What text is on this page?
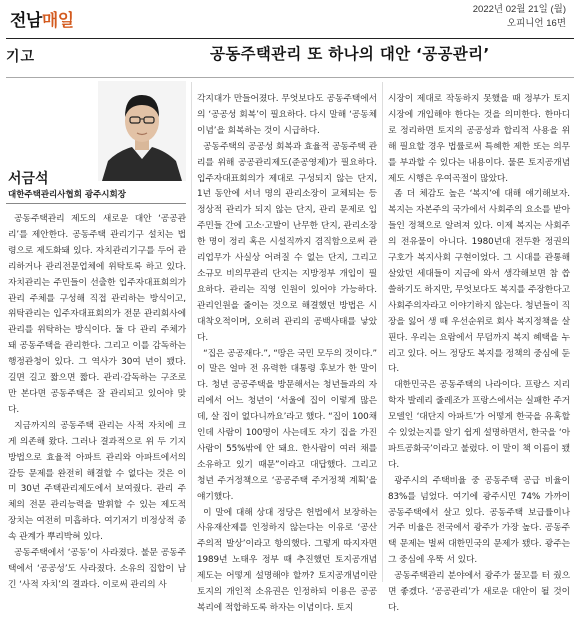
전남매일
2022년 02월 21일 (월)
오피니언 16면
기고	공동주택관리 또 하나의 대안 ‘공공관리’
서금석
대한주택관리사협회 광주시회장

공동주택관리 제도의 새로운 대안 ‘공공관리’를 제안한다. 공동주택 관리기구 설치는 법령으로 제도화돼 있다. 자치관리기구를 두어 관리하거나 관리전문업체에 위탁토록 하고 있다. 자치관리는 주민들이 선출한 입주자대표회의가 관리 주체를 구성해 직접 관리하는 방식이고, 위탁관리는 입주자대표회의가 전문 관리회사에 관리를 위탁하는 방식이다. 둘 다 관리 주체가 돼 공동주택을 관리한다. 그리고 이를 감독하는 행정관청이 있다. 그 역사가 30여 년이 됐다. 길면 길고 짧으면 짧다. 관리·감독하는 구조로만 본다면 공동주택은 잘 관리되고 있어야 맞다.

지금까지의 공동주택 관리는 사적 자치에 크게 의존해 왔다. 그러나 결과적으로 위 두 기지 방법으로 효율적 아파트 관리와 아파트에서의 갈등 문제를 완전히 해결할 수 없다는 것은 이미 30년 주택관리제도에서 보여줬다. 관리 주체의 전문 관리능력을 발휘할 수 있는 제도적 장치는 여전히 미흡하다. 여기저기 비정상적 종속 관계가 뿌리박혀 있다.

공동주택에서 ‘공동’이 사라졌다. 불문 공동주택에서 ‘공공성’도 사라졌다. 소유의 집합이 남긴 ‘사적 자치’의 결과다. 이로써 관리의 사

각지대가 만들어졌다. 무엇보다도 공동주택에서의 ‘공공성 회복’이 필요하다. 다시 말해 ‘공동체 이념’을 회복하는 것이 시급하다.

공동주택의 공공성 회복과 효율적 공동주택 관리를 위해 공공관리제도(준공영제)가 필요하다. 입주자대표회의가 제대로 구성되지 않는 단지, 1년 동안에 서너 명의 관리소장이 교체되는 등 정상적 관리가 되지 않는 단지, 관리 문제로 입주민들 간에 고소·고발이 난무한 단지, 관리소장 한 명이 정리 혹은 시설직까지 겸직함으로써 관리업무가 사실상 어려질 수 없는 단지, 그리고 소규모 비의무관리 단지는 지방정부 개입이 필요하다. 관리는 직영 인원이 있어야 가능하다. 관리인원을 줄이는 것으로 해결했던 방법은 시대착오적이며, 오히려 관리의 공백사태를 낳았다.

“집은 공공재다.”, “땅은 국민 모두의 것이다.” 이 말은 얼마 전 유력한 대통령 후보가 한 말이다. 청년 공공주택을 방문해서는 청년들과의 자리에서 어느 청년이 ‘서울에 집이 이렇게 많은데, 살 집이 없다니까요’라고 했다. “집이 100채인데 사람이 100명이 사는데도 자기 집을 가진 사람이 55%밖에 안 돼요. 한사람이 여러 채를 소유하고 있기 때문”이라고 대답했다. 그리고 청년 주거정책으로 ‘공공주택 주거정책 계획’을 얘기했다.

이 말에 대해 상대 정당은 헌법에서 보장하는 사유재산제를 인정하지 않는다는 이유로 ‘공산주의적 발상’이라고 항의했다. 그렇게 따지자면 1989년 노태우 정부 때 추진했던 토지공개념 제도는 어떻게 설명해야 할까? 토지공개념이란 토지의 개인적 소유권은 인정하되 이용은 공공복리에 적합하도록 하자는 이념이다. 토지

시장이 제대로 작동하지 못했을 때 정부가 토지시장에 개입해야 한다는 것을 의미한다. 한마디로 정리하면 토지의 공공성과 합리적 사용을 위해 필요할 경우 법률로써 특혜한 제한 또는 의무를 부과할 수 있다는 내용이다. 물론 토지공개념 제도 시행은 우여곡절이 많았다.

좀 더 체감도 높은 ‘복지’에 대해 얘기해보자. 복지는 자본주의 국가에서 사회주의 요소를 받아들인 정책으로 알려져 있다. 이제 복지는 사회주의 전유물이 아니다. 1980년대 전두환 정권의 구호가 복지사회 구현이었다. 그 시대를 관통해 살았던 세대들이 지금에 와서 생각해보면 참 씁쓸하기도 하지만, 무엇보다도 복지를 주장한다고 사회주의자라고 이야기하지 않는다. 청년들이 직장을 잃어 생 때 우선순위로 회사 복지정책을 살핀다. 우리는 요람에서 무덤까지 복지 혜택을 누리고 있다. 어느 정당도 복지를 정책의 중심에 둔다.

대한민국은 공동주택의 나라이다. 프랑스 지리학자 발레리 줄레조가 프랑스에서는 실패한 주거모델인 ‘대단지 아파트’가 어떻게 한국을 유혹할 수 있었는지를 알기 쉽게 설명하면서, 한국을 ‘아파트공화국’이라고 불렀다. 이 말이 책 이름이 됐다.

광주시의 주택비율 중 공동주택 공급 비율이 83%를 넘었다. 여기에 광주시민 74% 가까이 공동주택에서 살고 있다. 공동주택 보급률이나 거주 비율은 전국에서 광주가 가장 높다. 공동주택 문제는 벌써 대한민국의 문제가 됐다. 광주는 그 중심에 우뚝 서 있다.

공동주택관리 분야에서 광주가 물꼬를 터 줬으면 좋겠다. ‘공공관리’가 새로운 대안이 될 것이다.
